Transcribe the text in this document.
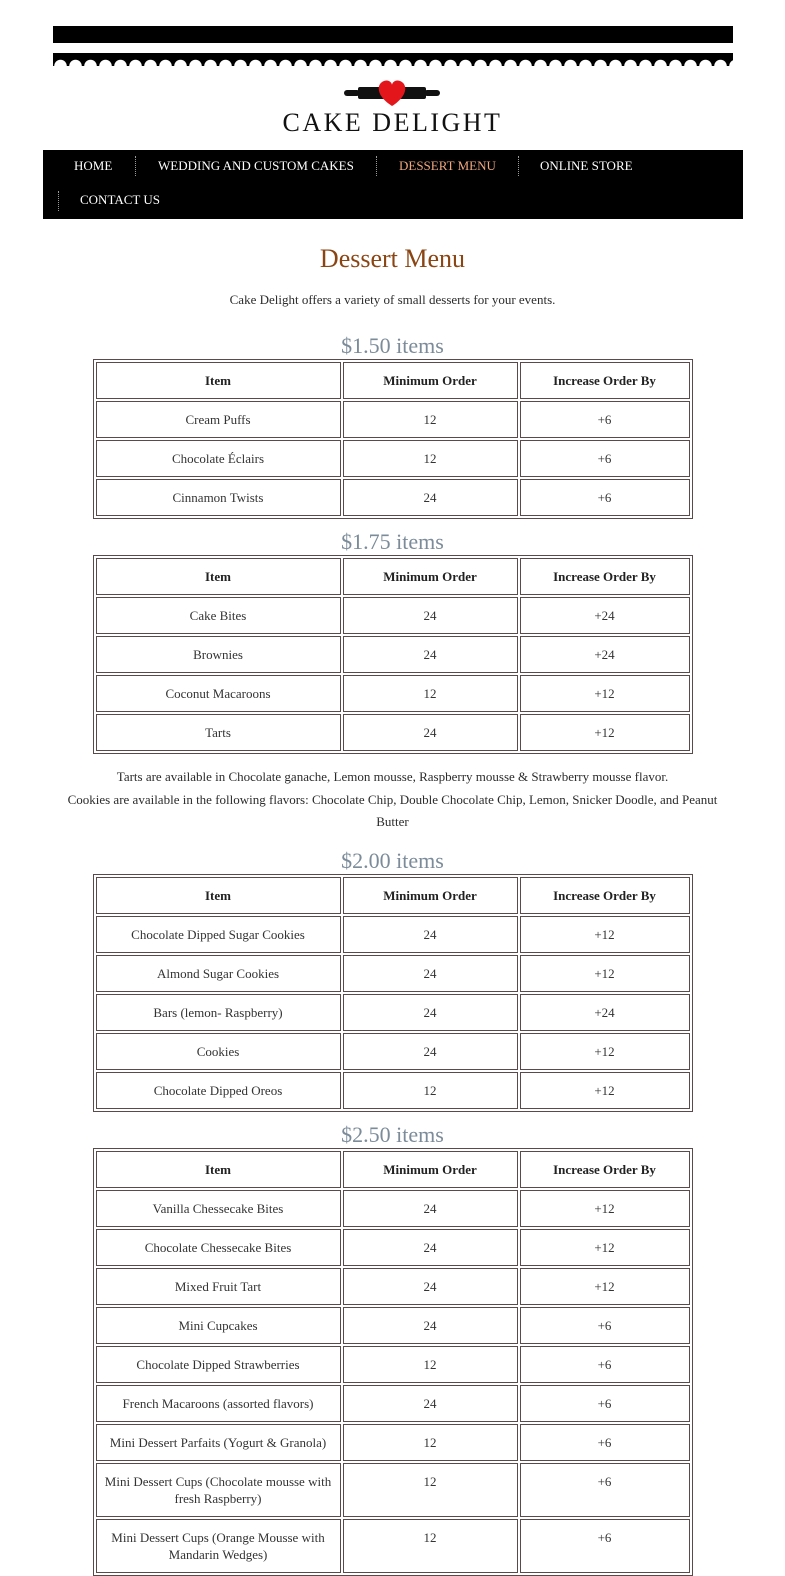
CAKE DELIGHT
HOME	WEDDING AND CUSTOM CAKES	DESSERT MENU	ONLINE STORE
CONTACT US
Dessert Menu

Cake Delight offers a variety of small desserts for your events.

$1.50 items
Item	Minimum Order	Increase Order By
Cream Puffs	12	+6
Chocolate Éclairs	12	+6
Cinnamon Twists	24	+6
$1.75 items
Item	Minimum Order	Increase Order By
Cake Bites	24	+24
Brownies	24	+24
Coconut Macaroons	12	+12
Tarts	24	+12
Tarts are available in Chocolate ganache, Lemon mousse, Raspberry mousse & Strawberry mousse flavor.
Cookies are available in the following flavors: Chocolate Chip, Double Chocolate Chip, Lemon, Snicker Doodle, and Peanut Butter
$2.00 items
Item	Minimum Order	Increase Order By
Chocolate Dipped Sugar Cookies	24	+12
Almond Sugar Cookies	24	+12
Bars (lemon- Raspberry)	24	+24
Cookies	24	+12
Chocolate Dipped Oreos	12	+12
$2.50 items
Item	Minimum Order	Increase Order By
Vanilla Chessecake Bites	24	+12
Chocolate Chessecake Bites	24	+12
Mixed Fruit Tart	24	+12
Mini Cupcakes	24	+6
Chocolate Dipped Strawberries	12	+6
French Macaroons (assorted flavors)	24	+6
Mini Dessert Parfaits (Yogurt & Granola)	12	+6
Mini Dessert Cups (Chocolate mousse with fresh Raspberry)	12	+6
Mini Dessert Cups (Orange Mousse with Mandarin Wedges)	12	+6
